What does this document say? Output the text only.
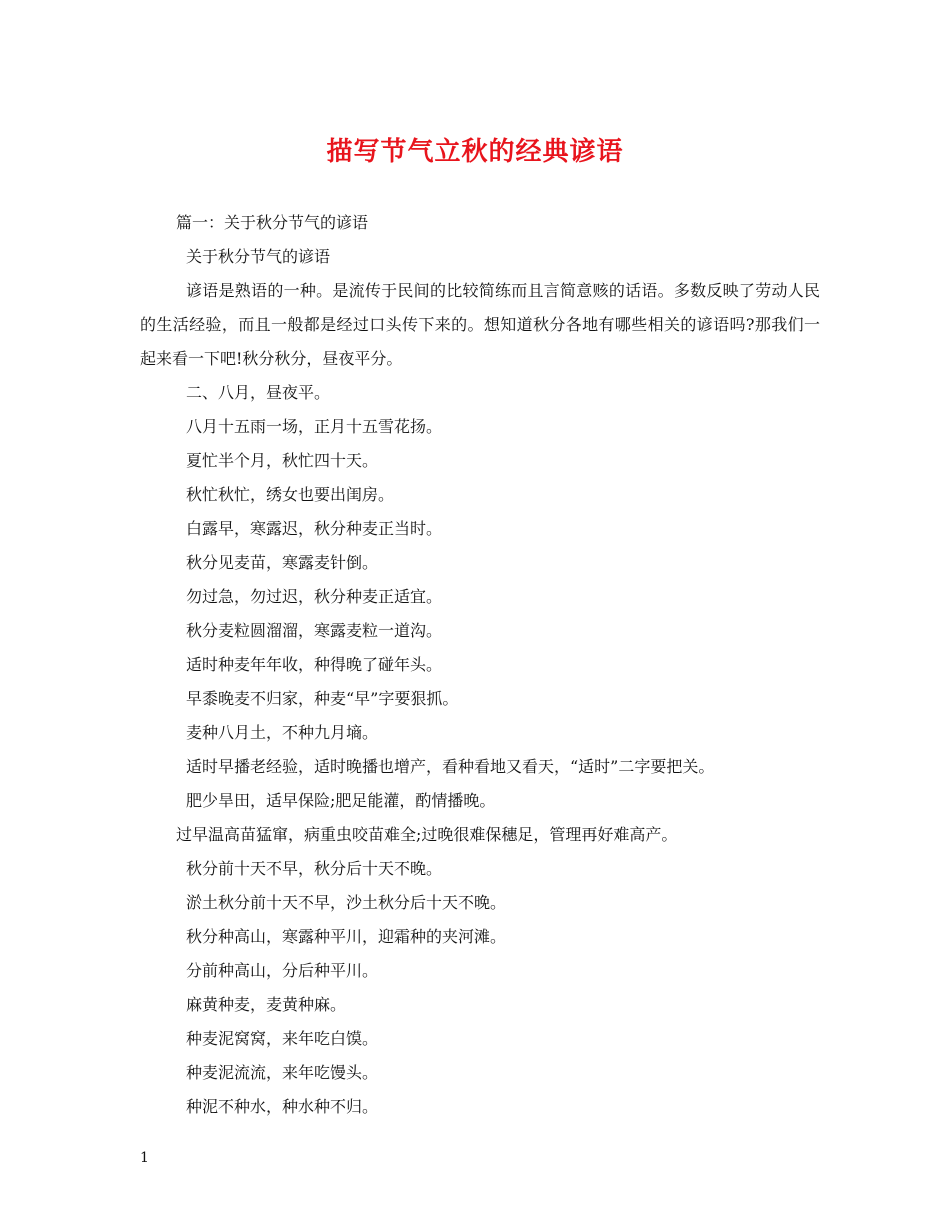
描写节气立秋的经典谚语
篇一：关于秋分节气的谚语
关于秋分节气的谚语
谚语是熟语的一种。是流传于民间的比较简练而且言简意赅的话语。多数反映了劳动人民的生活经验，而且一般都是经过口头传下来的。想知道秋分各地有哪些相关的谚语吗?那我们一起来看一下吧!秋分秋分，昼夜平分。
二、八月，昼夜平。
八月十五雨一场，正月十五雪花扬。
夏忙半个月，秋忙四十天。
秋忙秋忙，绣女也要出闺房。
白露早，寒露迟，秋分种麦正当时。
秋分见麦苗，寒露麦针倒。
勿过急，勿过迟，秋分种麦正适宜。
秋分麦粒圆溜溜，寒露麦粒一道沟。
适时种麦年年收，种得晚了碰年头。
早黍晚麦不归家，种麦“早”字要狠抓。
麦种八月土，不种九月墒。
适时早播老经验，适时晚播也增产，看种看地又看天，“适时”二字要把关。
肥少旱田，适早保险;肥足能灌，酌情播晚。
过早温高苗猛窜，病重虫咬苗难全;过晚很难保穗足，管理再好难高产。
秋分前十天不早，秋分后十天不晚。
淤土秋分前十天不早，沙土秋分后十天不晚。
秋分种高山，寒露种平川，迎霜种的夹河滩。
分前种高山，分后种平川。
麻黄种麦，麦黄种麻。
种麦泥窝窝，来年吃白馍。
种麦泥流流，来年吃馒头。
种泥不种水，种水种不归。
1
